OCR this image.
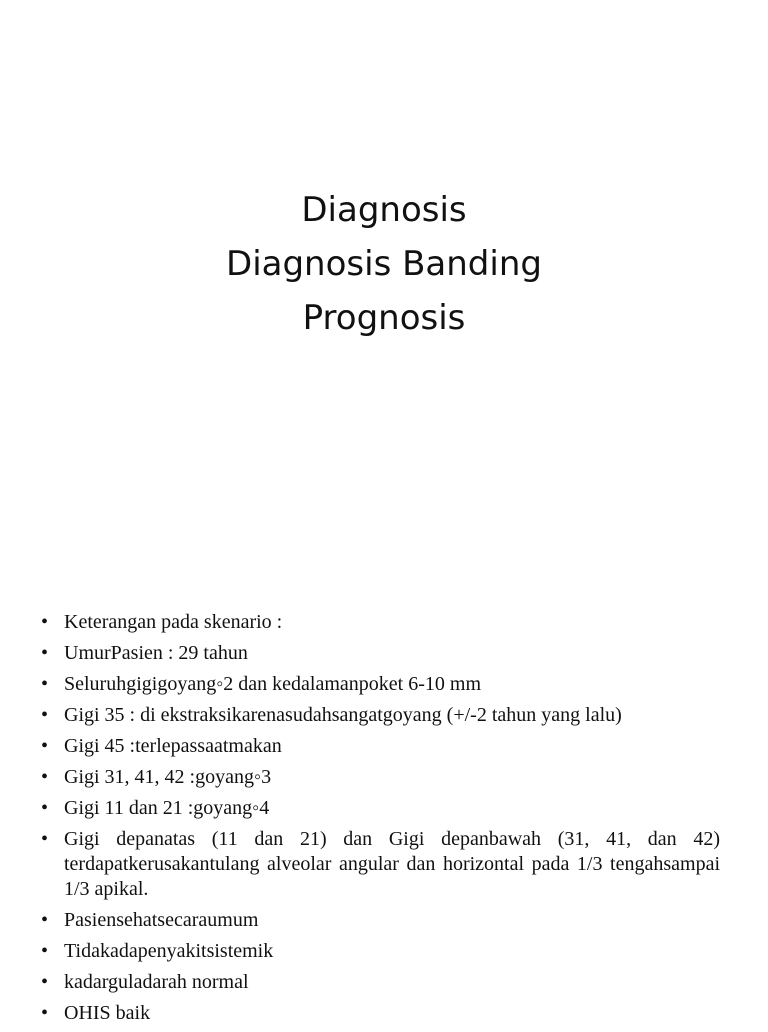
Diagnosis
Diagnosis Banding
Prognosis
• Keterangan pada skenario :
• UmurPasien : 29 tahun
• Seluruhgigigoyang◦2 dan kedalamanpoket 6-10 mm
• Gigi 35 : di ekstraksikarenasudahsangatgoyang (+/-2 tahun yang lalu)
• Gigi 45 :terlepassaatmakan
• Gigi 31, 41, 42 :goyang◦3
• Gigi 11 dan 21 :goyang◦4
• Gigi depanatas (11 dan 21) dan Gigi depanbawah (31, 41, dan 42) terdapatkerusakantulang alveolar angular dan horizontal pada 1/3 tengahsampai 1/3 apikal.
• Pasiensehatsecaraumum
• Tidakadapenyakitsistemik
• kadarguladarah normal
• OHIS baik
